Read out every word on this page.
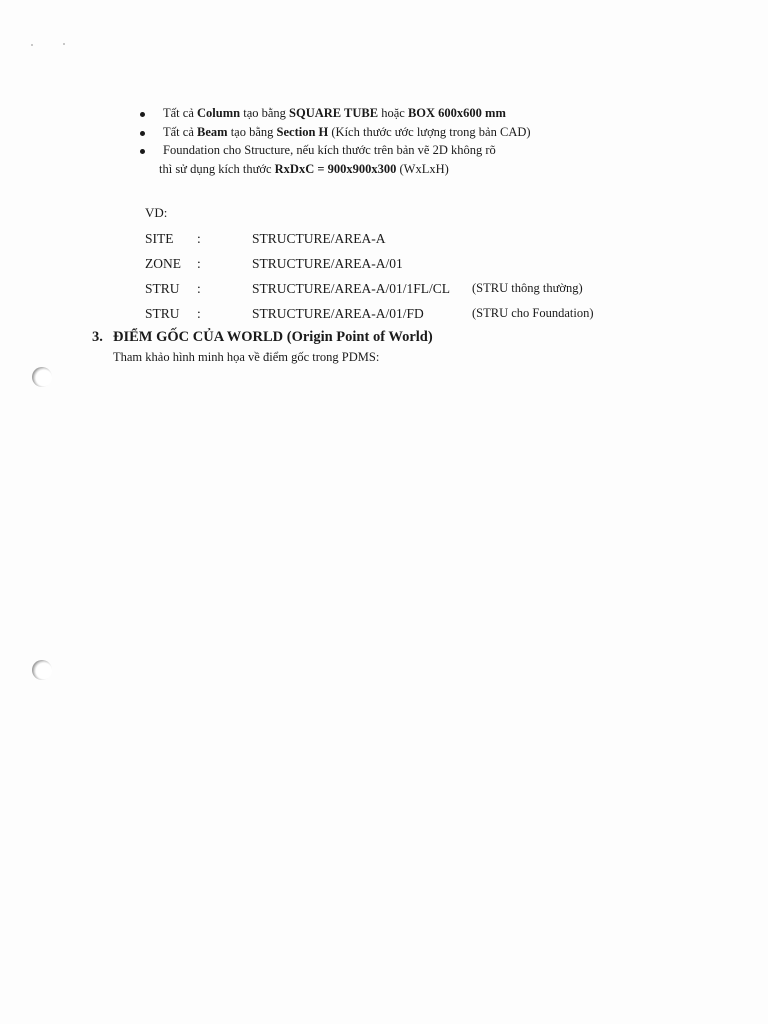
Tất cả Column tạo bằng SQUARE TUBE hoặc BOX 600x600 mm
Tất cả Beam tạo bằng Section H (Kích thước ước lượng trong bản CAD)
Foundation cho Structure, nếu kích thước trên bản vẽ 2D không rõ
thì sử dụng kích thước RxDxC = 900x900x300 (WxLxH)
VD:
SITE	:	STRUCTURE/AREA-A	
ZONE	:	STRUCTURE/AREA-A/01	
STRU	:	STRUCTURE/AREA-A/01/1FL/CL	(STRU thông thường)
STRU	:	STRUCTURE/AREA-A/01/FD	(STRU cho Foundation)
3. ĐIỂM GỐC CỦA WORLD (Origin Point of World)
Tham khảo hình minh họa về điểm gốc trong PDMS:
